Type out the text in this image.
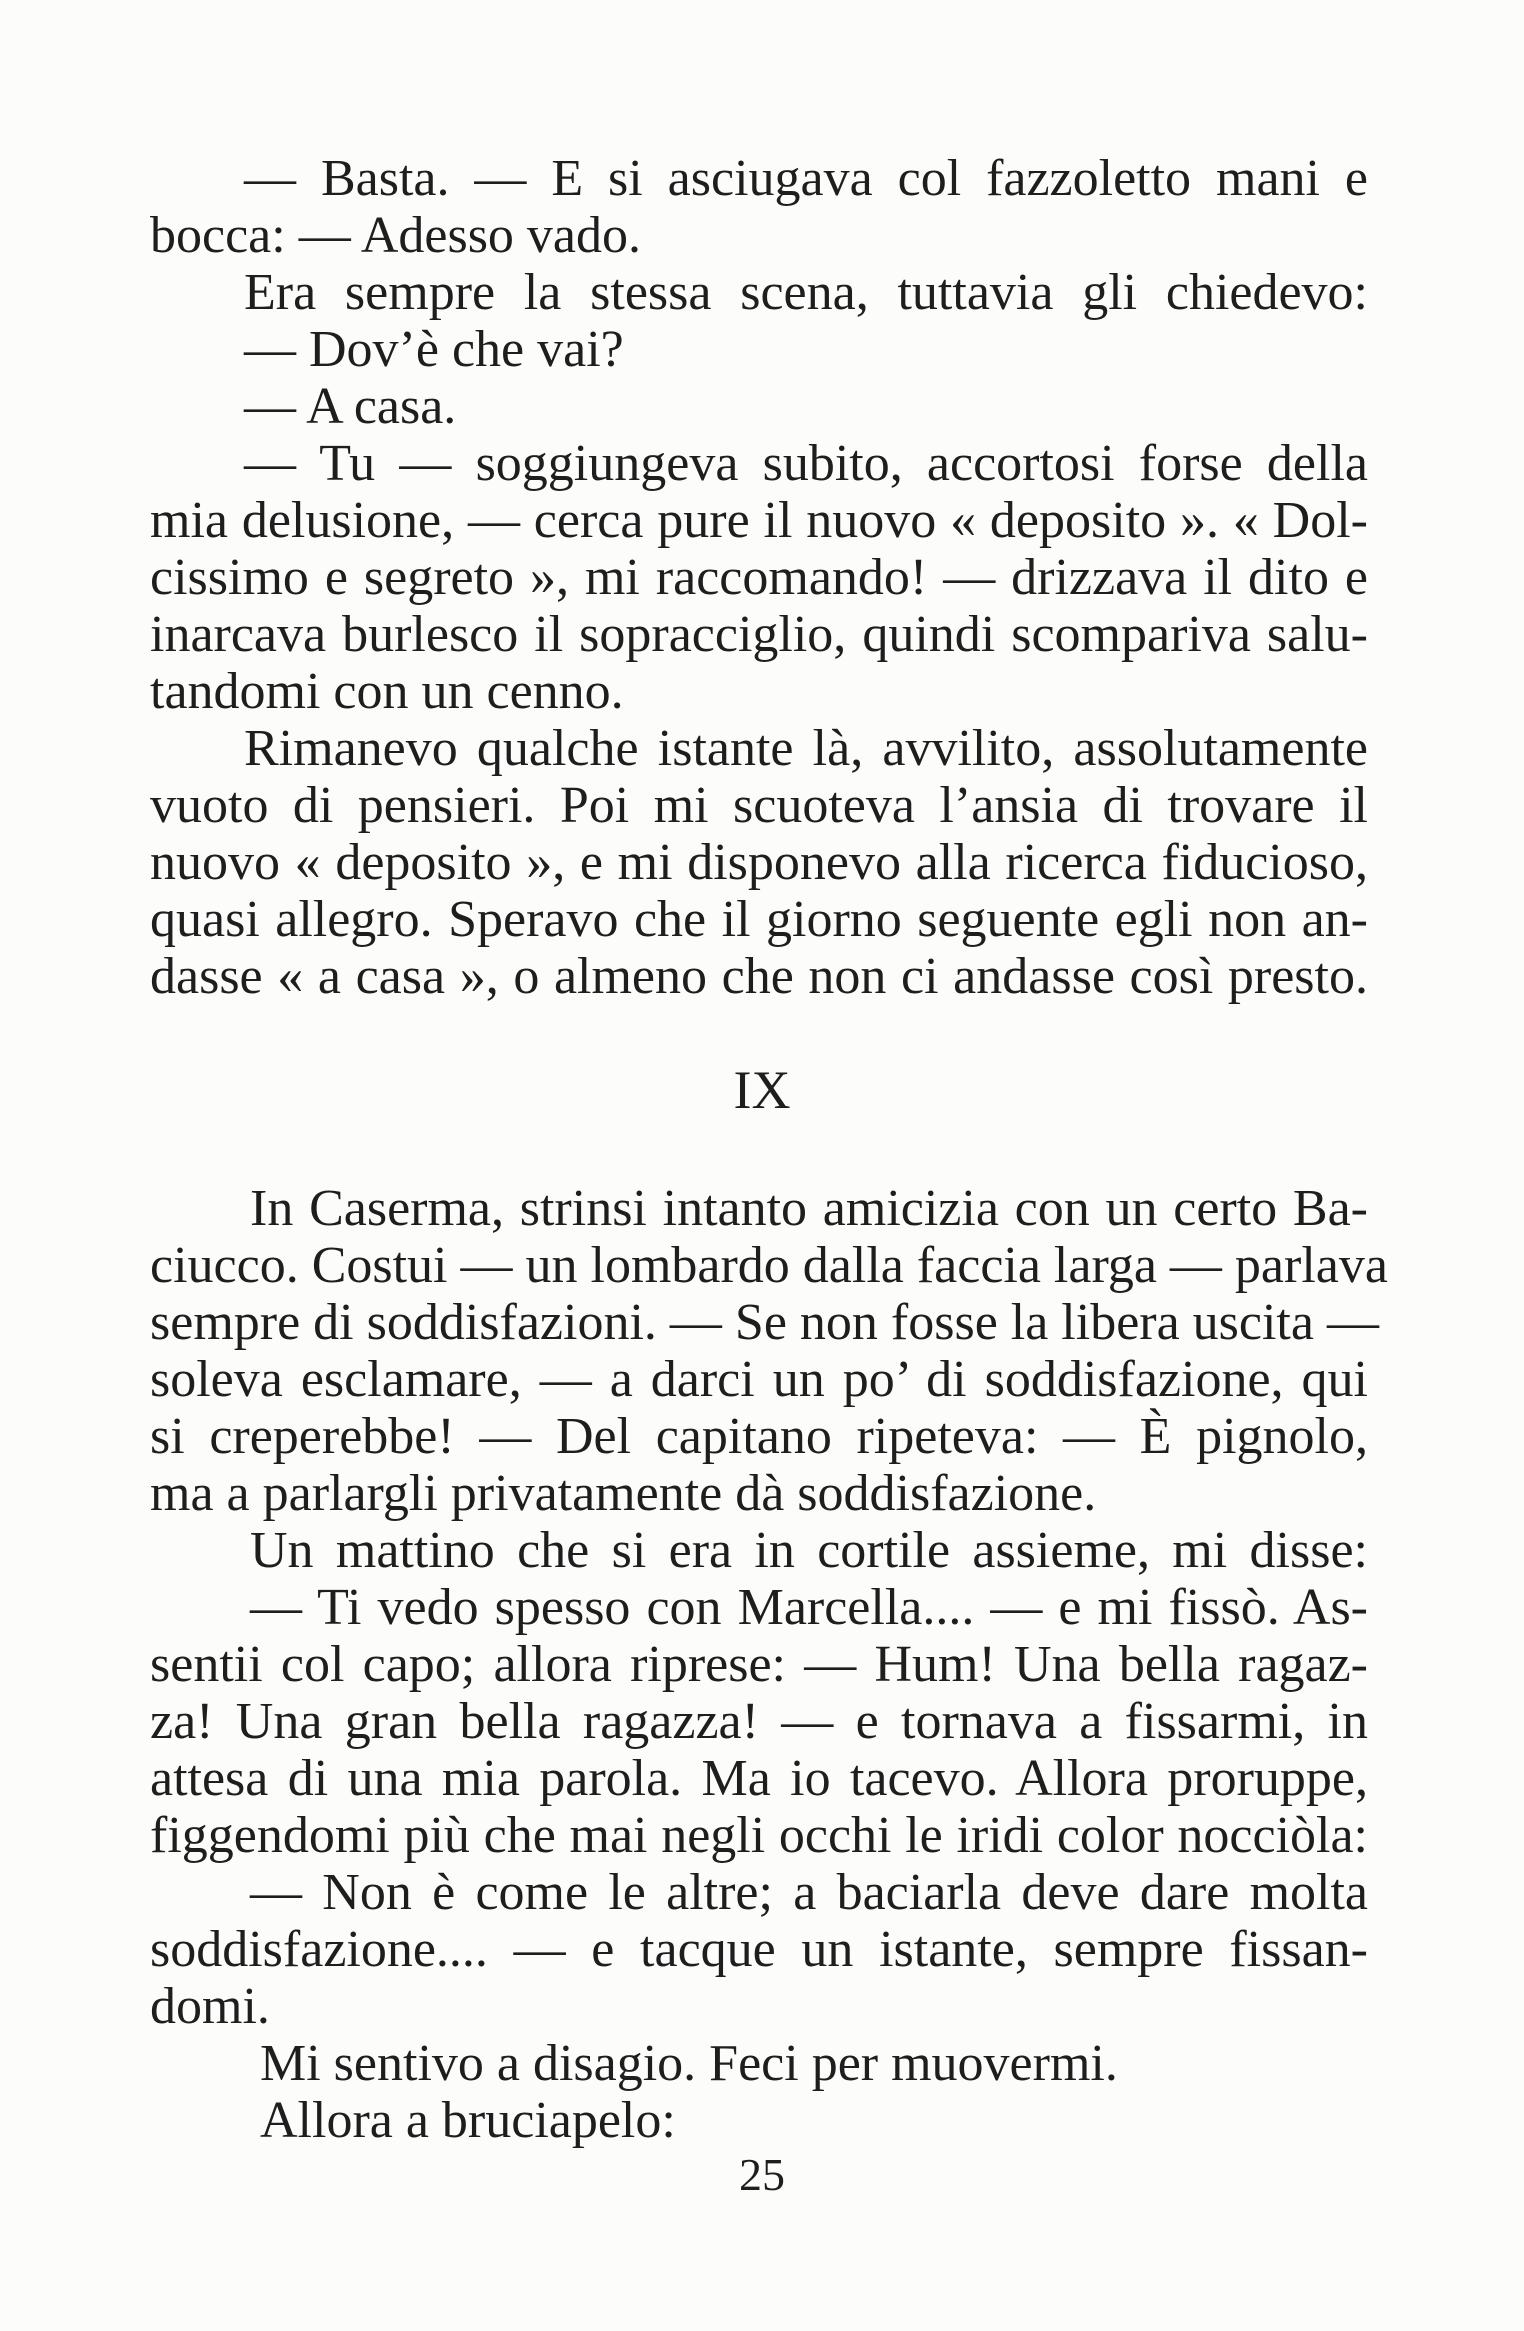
— Basta. — E si asciugava col fazzoletto mani e
bocca: — Adesso vado.
Era sempre la stessa scena, tuttavia gli chiedevo:
— Dov’è che vai?
— A casa.
— Tu — soggiungeva subito, accortosi forse della
mia delusione, — cerca pure il nuovo « deposito ». « Dol-
cissimo e segreto », mi raccomando! — drizzava il dito e
inarcava burlesco il sopracciglio, quindi scompariva salu-
tandomi con un cenno.
Rimanevo qualche istante là, avvilito, assolutamente
vuoto di pensieri. Poi mi scuoteva l’ansia di trovare il
nuovo « deposito », e mi disponevo alla ricerca fiducioso,
quasi allegro. Speravo che il giorno seguente egli non an-
dasse « a casa », o almeno che non ci andasse così presto.
IX
In Caserma, strinsi intanto amicizia con un certo Ba-
ciucco. Costui — un lombardo dalla faccia larga — parlava
sempre di soddisfazioni. — Se non fosse la libera uscita —
soleva esclamare, — a darci un po’ di soddisfazione, qui
si creperebbe! — Del capitano ripeteva: — È pignolo,
ma a parlargli privatamente dà soddisfazione.
Un mattino che si era in cortile assieme, mi disse:
— Ti vedo spesso con Marcella.... — e mi fissò. As-
sentii col capo; allora riprese: — Hum! Una bella ragaz-
za! Una gran bella ragazza! — e tornava a fissarmi, in
attesa di una mia parola. Ma io tacevo. Allora proruppe,
figgendomi più che mai negli occhi le iridi color nocciòla:
— Non è come le altre; a baciarla deve dare molta
soddisfazione.... — e tacque un istante, sempre fissan-
domi.
Mi sentivo a disagio. Feci per muovermi.
Allora a bruciapelo:
25
